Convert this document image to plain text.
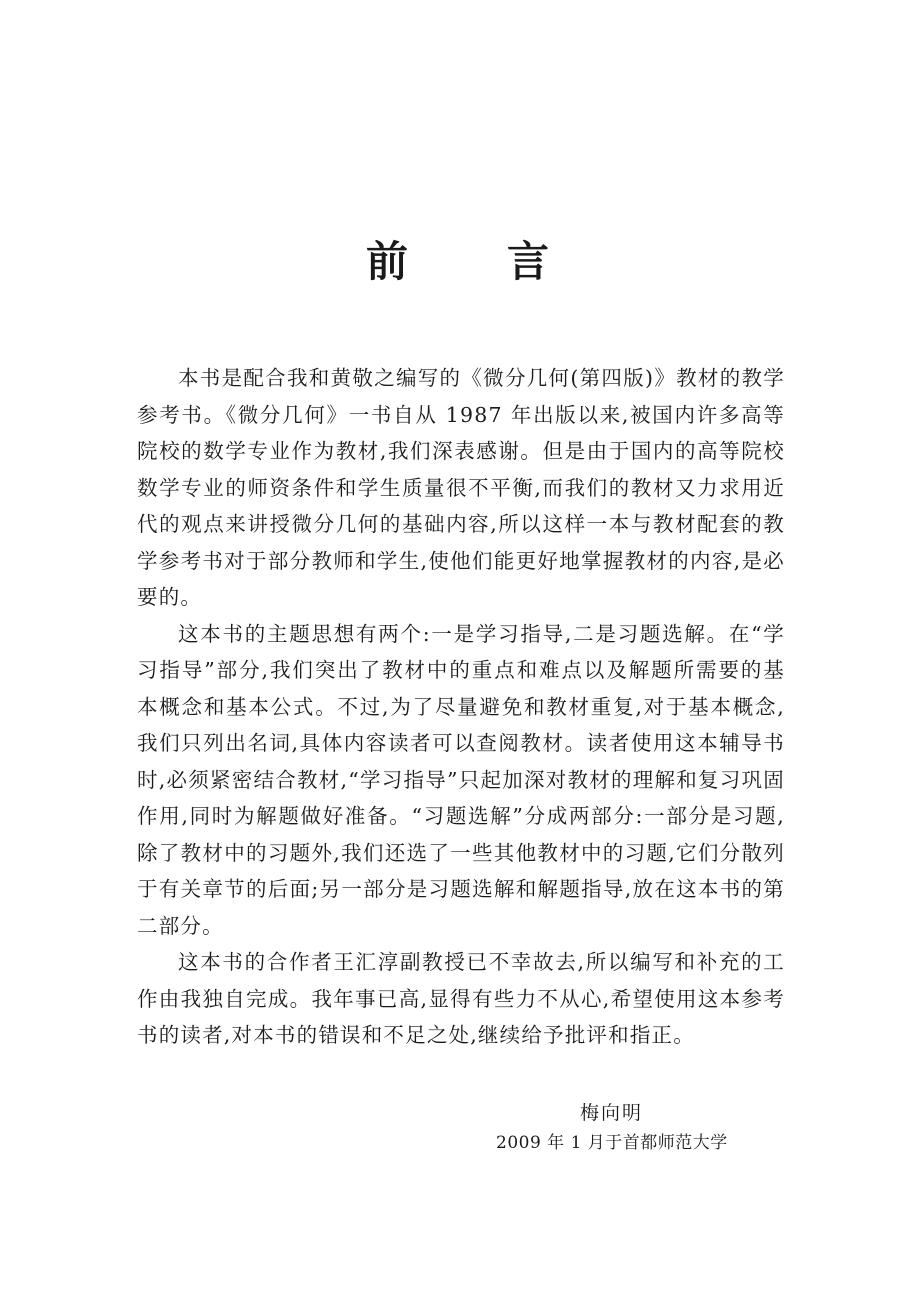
前 言

本书是配合我和黄敬之编写的《微分几何(第四版)》教材的教学参考书。《微分几何》一书自从 1987 年出版以来,被国内许多高等院校的数学专业作为教材,我们深表感谢。但是由于国内的高等院校数学专业的师资条件和学生质量很不平衡,而我们的教材又力求用近代的观点来讲授微分几何的基础内容,所以这样一本与教材配套的教学参考书对于部分教师和学生,使他们能更好地掌握教材的内容,是必要的。

这本书的主题思想有两个:一是学习指导,二是习题选解。在“学习指导”部分,我们突出了教材中的重点和难点以及解题所需要的基本概念和基本公式。不过,为了尽量避免和教材重复,对于基本概念,我们只列出名词,具体内容读者可以查阅教材。读者使用这本辅导书时,必须紧密结合教材,“学习指导”只起加深对教材的理解和复习巩固作用,同时为解题做好准备。“习题选解”分成两部分:一部分是习题,除了教材中的习题外,我们还选了一些其他教材中的习题,它们分散列于有关章节的后面;另一部分是习题选解和解题指导,放在这本书的第二部分。

这本书的合作者王汇淳副教授已不幸故去,所以编写和补充的工作由我独自完成。我年事已高,显得有些力不从心,希望使用这本参考书的读者,对本书的错误和不足之处,继续给予批评和指正。

梅向明
2009 年 1 月于首都师范大学
